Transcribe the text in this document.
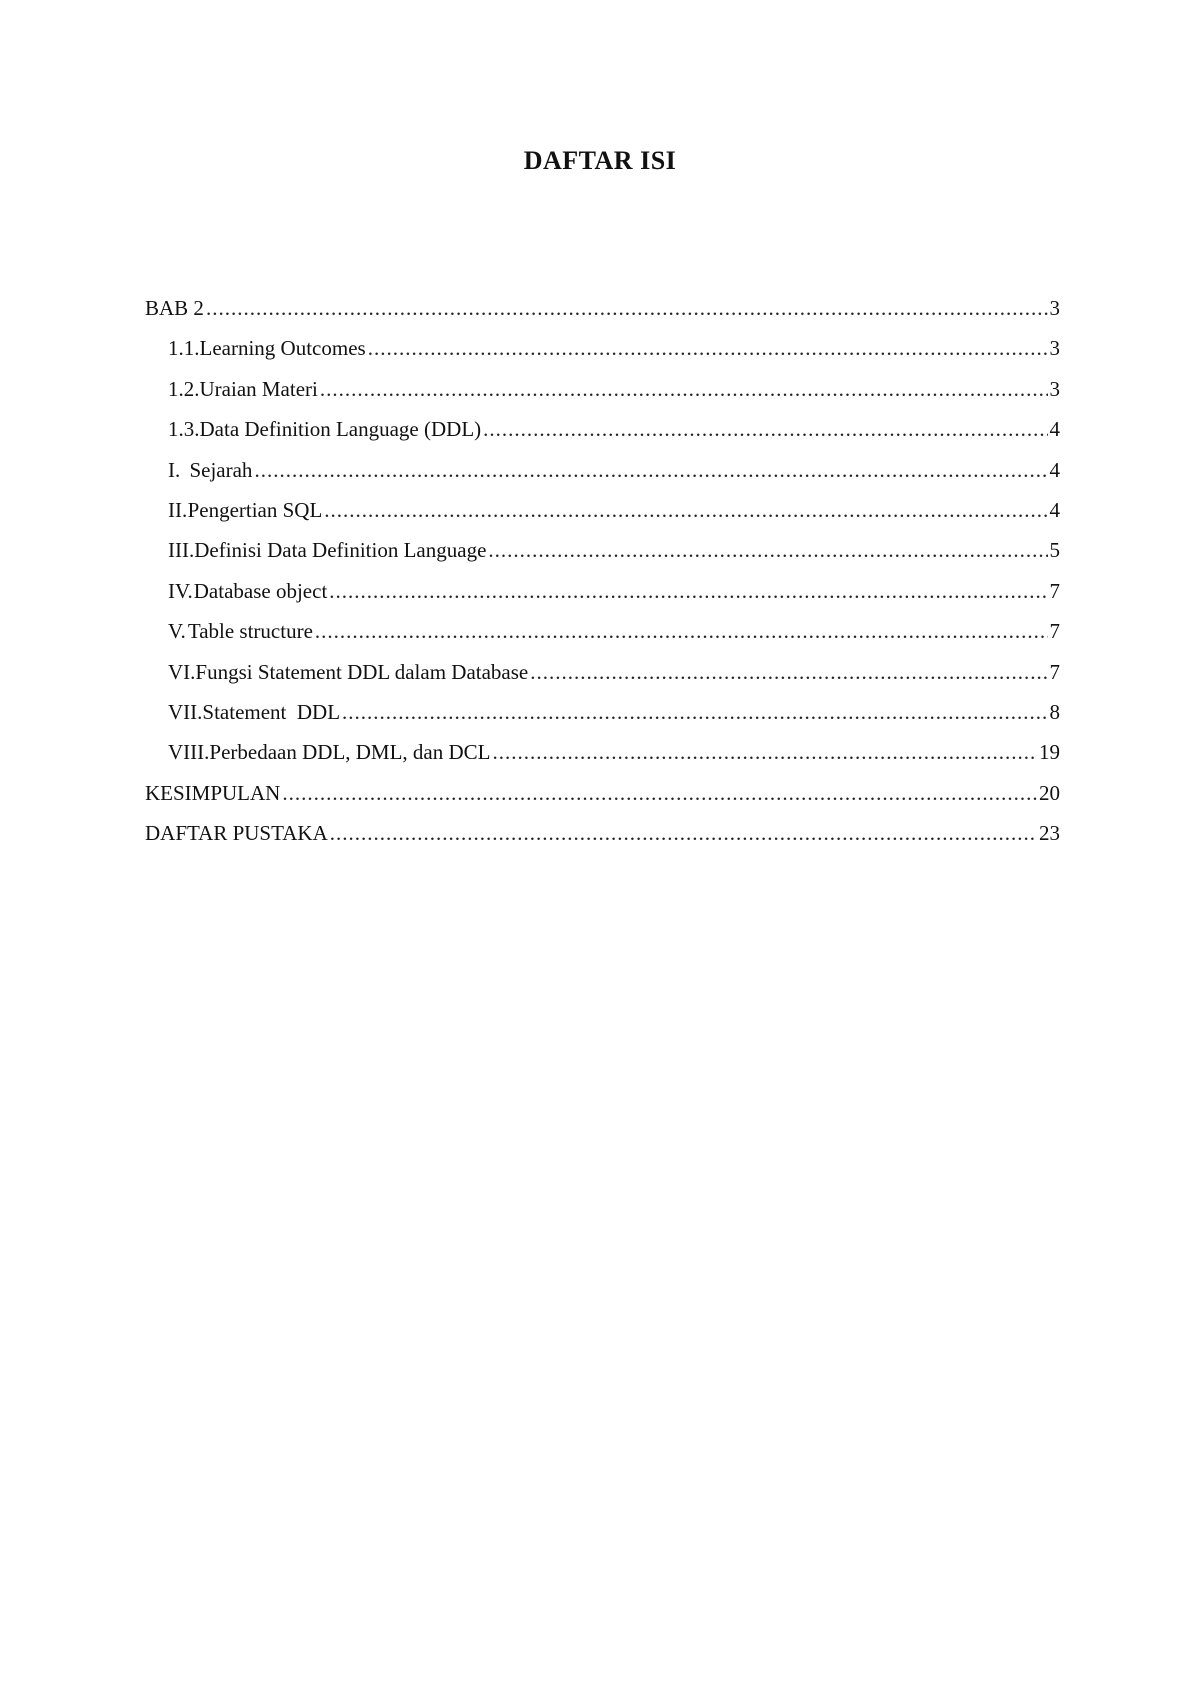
DAFTAR ISI
BAB 2 .....	3
1.1. Learning Outcomes .....	3
1.2. Uraian Materi .....	3
1.3. Data Definition Language (DDL) .....	4
I. Sejarah .....	4
II. Pengertian SQL .....	4
III. Definisi Data Definition Language .....	5
IV. Database object .....	7
V. Table structure .....	7
VI. Fungsi Statement DDL dalam Database .....	7
VII. Statement  DDL .....	8
VIII. Perbedaan DDL, DML, dan DCL .....	19
KESIMPULAN .....	20
DAFTAR PUSTAKA .....	23
